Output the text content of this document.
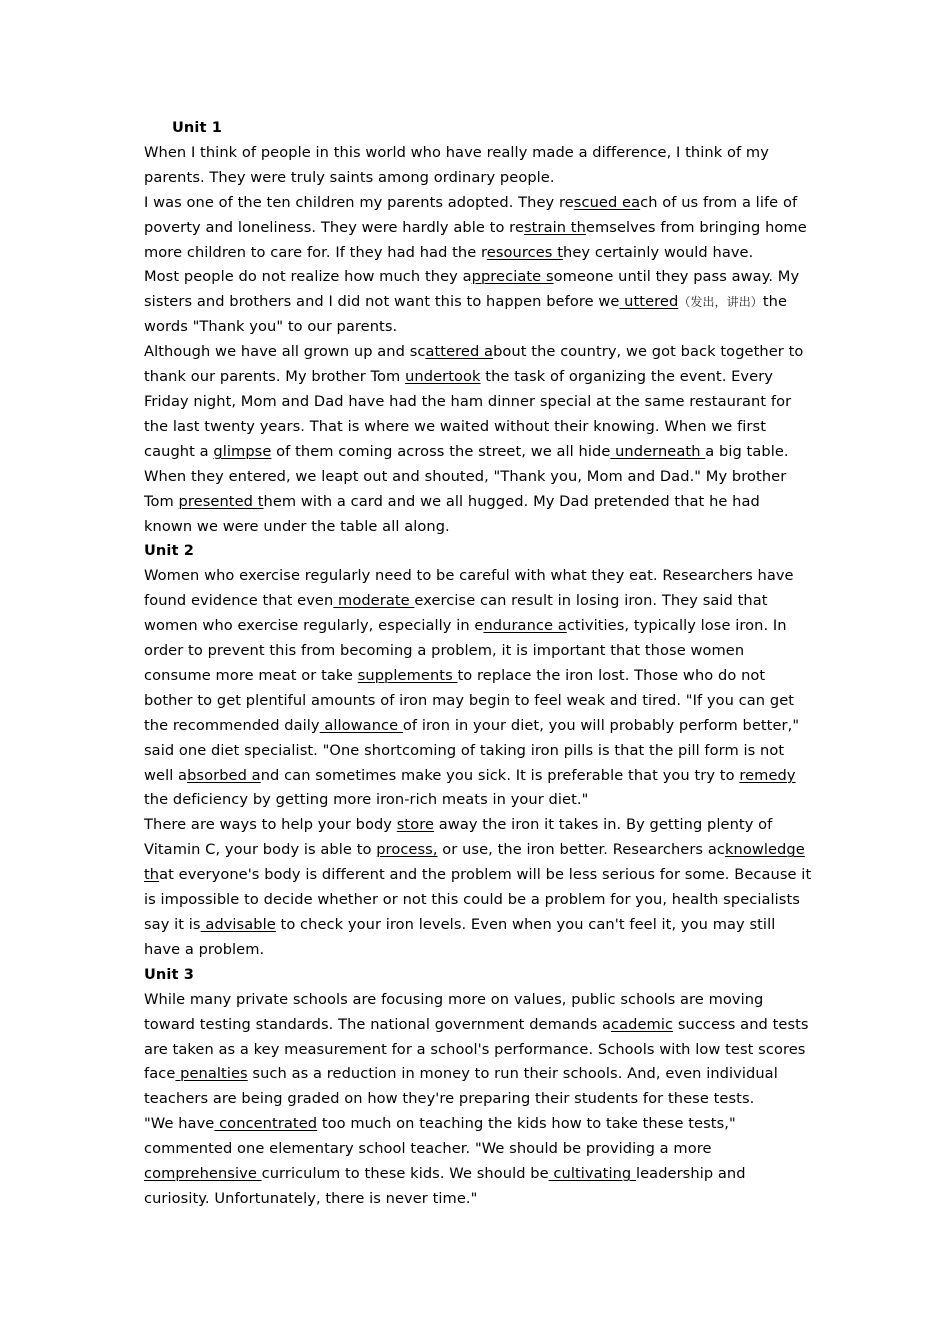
Unit 1

When I think of people in this world who have really made a difference, I think of my parents. They were truly saints among ordinary people.

I was one of the ten children my parents adopted. They rescued each of us from a life of poverty and loneliness. They were hardly able to restrain themselves from bringing home more children to care for. If they had had the resources they certainly would have.

Most people do not realize how much they appreciate someone until they pass away. My sisters and brothers and I did not want this to happen before we uttered（发出，讲出）the words "Thank you" to our parents.

Although we have all grown up and scattered about the country, we got back together to thank our parents. My brother Tom undertook the task of organizing the event. Every Friday night, Mom and Dad have had the ham dinner special at the same restaurant for the last twenty years. That is where we waited without their knowing. When we first caught a glimpse of them coming across the street, we all hide underneath a big table. When they entered, we leapt out and shouted, "Thank you, Mom and Dad." My brother Tom presented them with a card and we all hugged. My Dad pretended that he had known we were under the table all along.

Unit 2

Women who exercise regularly need to be careful with what they eat. Researchers have found evidence that even moderate exercise can result in losing iron. They said that women who exercise regularly, especially in endurance activities, typically lose iron. In order to prevent this from becoming a problem, it is important that those women consume more meat or take supplements to replace the iron lost. Those who do not bother to get plentiful amounts of iron may begin to feel weak and tired. "If you can get the recommended daily allowance of iron in your diet, you will probably perform better," said one diet specialist. "One shortcoming of taking iron pills is that the pill form is not well absorbed and can sometimes make you sick. It is preferable that you try to remedy the deficiency by getting more iron-rich meats in your diet."

There are ways to help your body store away the iron it takes in. By getting plenty of Vitamin C, your body is able to process, or use, the iron better. Researchers acknowledge that everyone's body is different and the problem will be less serious for some. Because it is impossible to decide whether or not this could be a problem for you, health specialists say it is advisable to check your iron levels. Even when you can't feel it, you may still have a problem.

Unit 3

While many private schools are focusing more on values, public schools are moving toward testing standards. The national government demands academic success and tests are taken as a key measurement for a school's performance. Schools with low test scores face penalties such as a reduction in money to run their schools. And, even individual teachers are being graded on how they're preparing their students for these tests.

"We have concentrated too much on teaching the kids how to take these tests," commented one elementary school teacher. "We should be providing a more comprehensive curriculum to these kids. We should be cultivating leadership and curiosity. Unfortunately, there is never time."
